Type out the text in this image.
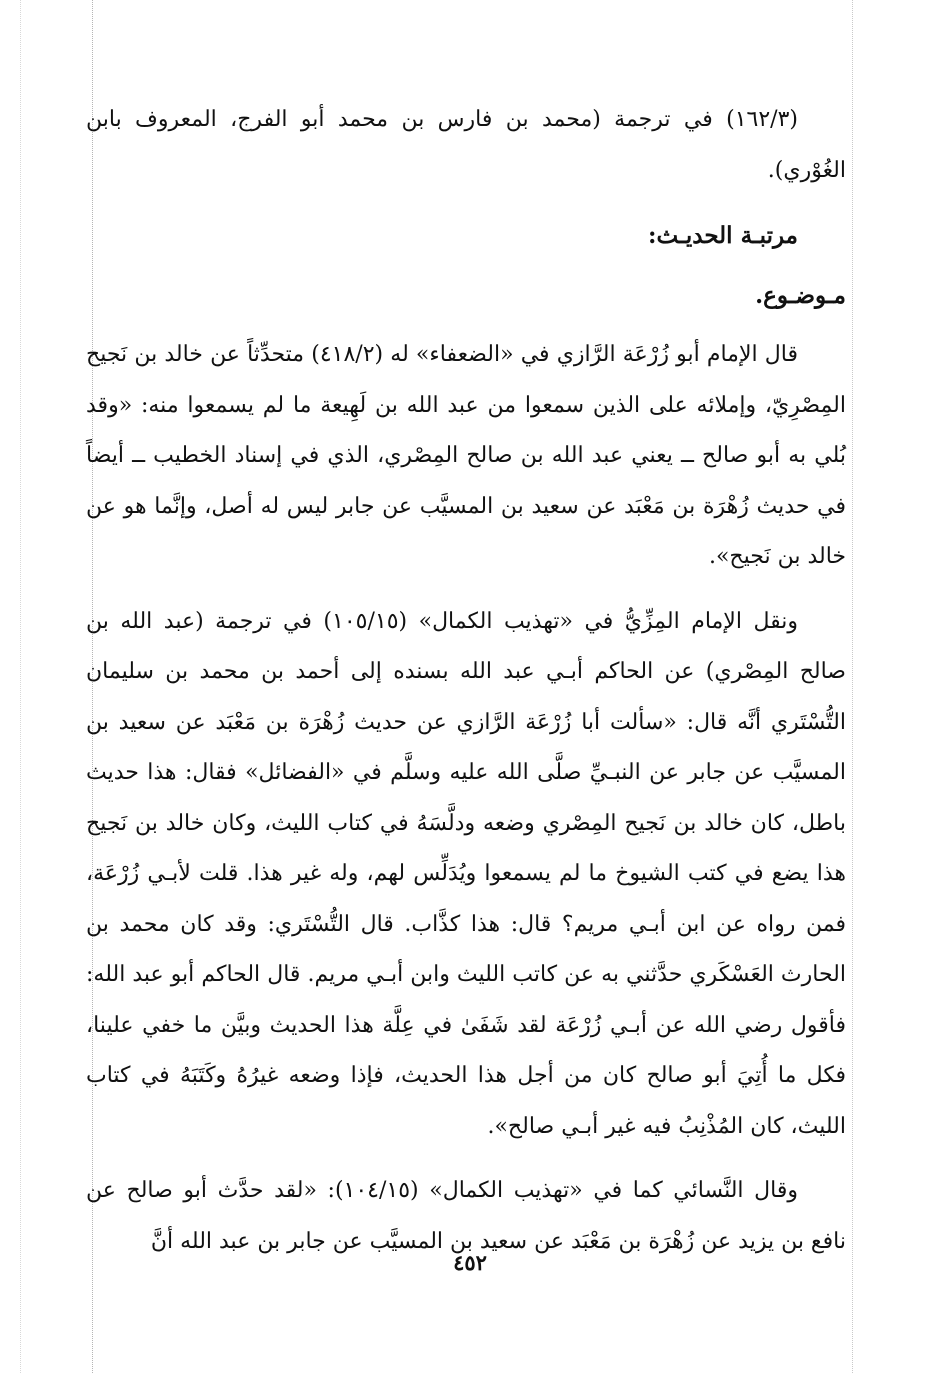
(١٦٢/٣) في ترجمة (محمد بن فارس بن محمد أبو الفرج، المعروف بابن الغُوْري).

مرتبـة الحديـث:
مـوضـوع.

قال الإمام أبو زُرْعَة الرَّازي في «الضعفاء» له (٤١٨/٢) متحدِّثاً عن خالد بن نَجيح المِصْرِيّ، وإملائه على الذين سمعوا من عبد الله بن لَهِيعة ما لم يسمعوا منه: «وقد بُلي به أبو صالح ــ يعني عبد الله بن صالح المِصْري، الذي في إسناد الخطيب ــ أيضاً في حديث زُهْرَة بن مَعْبَد عن سعيد بن المسيَّب عن جابر ليس له أصل، وإنَّما هو عن خالد بن نَجيح».

ونقل الإمام المِزِّيُّ في «تهذيب الكمال» (١٠٥/١٥) في ترجمة (عبد الله بن صالح المِصْري) عن الحاكم أبـي عبد الله بسنده إلى أحمد بن محمد بن سليمان التُّسْتَري أنَّه قال: «سألت أبا زُرْعَة الرَّازي عن حديث زُهْرَة بن مَعْبَد عن سعيد بن المسيَّب عن جابر عن النبـيِّ صلَّى الله عليه وسلَّم في «الفضائل» فقال: هذا حديث باطل، كان خالد بن نَجيح المِصْري وضعه ودلَّسَهُ في كتاب الليث، وكان خالد بن نَجيح هذا يضع في كتب الشيوخ ما لم يسمعوا ويُدَلِّس لهم، وله غير هذا. قلت لأبـي زُرْعَة، فمن رواه عن ابن أبـي مريم؟ قال: هذا كذَّاب. قال التُّسْتَري: وقد كان محمد بن الحارث العَسْكَري حدَّثني به عن كاتب الليث وابن أبـي مريم. قال الحاكم أبو عبد الله: فأقول رضي الله عن أبـي زُرْعَة لقد شَفَىٰ في عِلَّة هذا الحديث وبيَّن ما خفي علينا، فكل ما أُتِيَ أبو صالح كان من أجل هذا الحديث، فإذا وضعه غيرُهُ وكَتَبَهُ في كتاب الليث، كان المُذْنِبُ فيه غير أبـي صالح».

وقال النَّسائي كما في «تهذيب الكمال» (١٠٤/١٥): «لقد حدَّث أبو صالح عن نافع بن يزيد عن زُهْرَة بن مَعْبَد عن سعيد بن المسيَّب عن جابر بن عبد الله أنَّ

٤٥٢
